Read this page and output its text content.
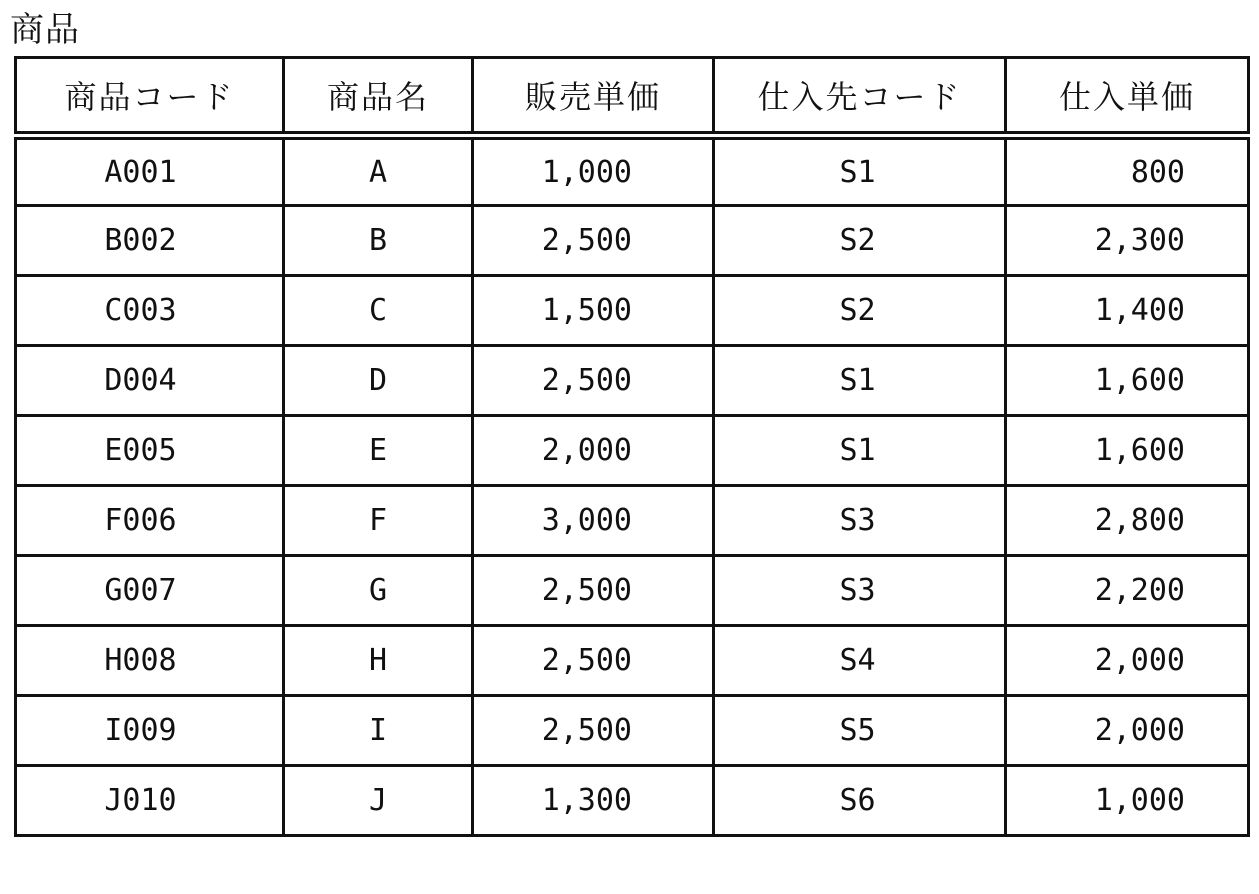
商品
商品コード	商品名	販売単価	仕入先コード	仕入単価
A001	A	1,000	S1	800
B002	B	2,500	S2	2,300
C003	C	1,500	S2	1,400
D004	D	2,500	S1	1,600
E005	E	2,000	S1	1,600
F006	F	3,000	S3	2,800
G007	G	2,500	S3	2,200
H008	H	2,500	S4	2,000
I009	I	2,500	S5	2,000
J010	J	1,300	S6	1,000
